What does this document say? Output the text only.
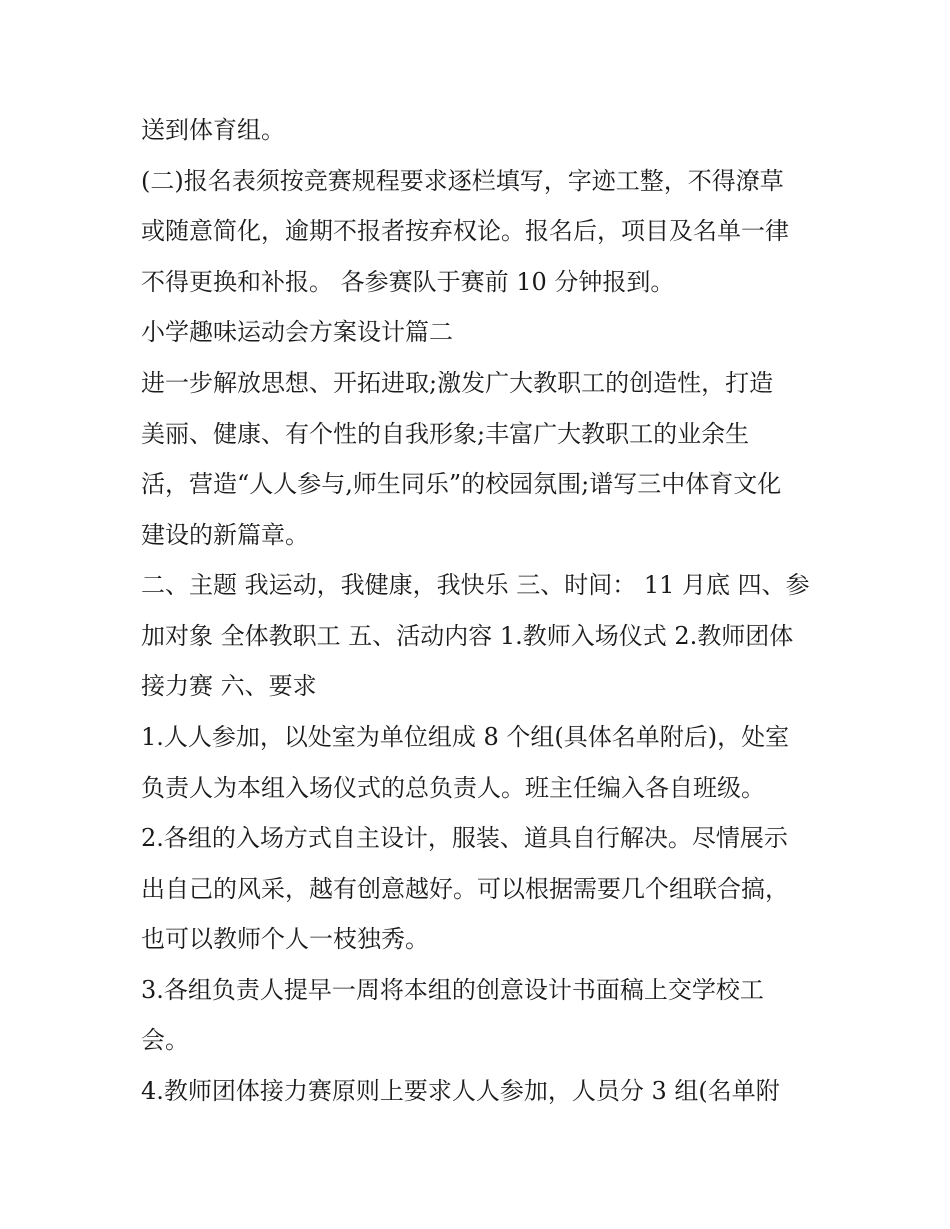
送到体育组。

(二)报名表须按竞赛规程要求逐栏填写，字迹工整，不得潦草

或随意简化，逾期不报者按弃权论。报名后，项目及名单一律

不得更换和补报。 各参赛队于赛前 10 分钟报到。

小学趣味运动会方案设计篇二

进一步解放思想、开拓进取;激发广大教职工的创造性，打造

美丽、健康、有个性的自我形象;丰富广大教职工的业余生

活，营造“人人参与,师生同乐”的校园氛围;谱写三中体育文化

建设的新篇章。

二、主题 我运动，我健康，我快乐 三、时间： 11 月底 四、参

加对象 全体教职工 五、活动内容 1.教师入场仪式 2.教师团体

接力赛 六、要求

1.人人参加，以处室为单位组成 8 个组(具体名单附后)，处室

负责人为本组入场仪式的总负责人。班主任编入各自班级。

2.各组的入场方式自主设计，服装、道具自行解决。尽情展示

出自己的风采，越有创意越好。可以根据需要几个组联合搞，

也可以教师个人一枝独秀。

3.各组负责人提早一周将本组的创意设计书面稿上交学校工

会。

4.教师团体接力赛原则上要求人人参加，人员分 3 组(名单附
